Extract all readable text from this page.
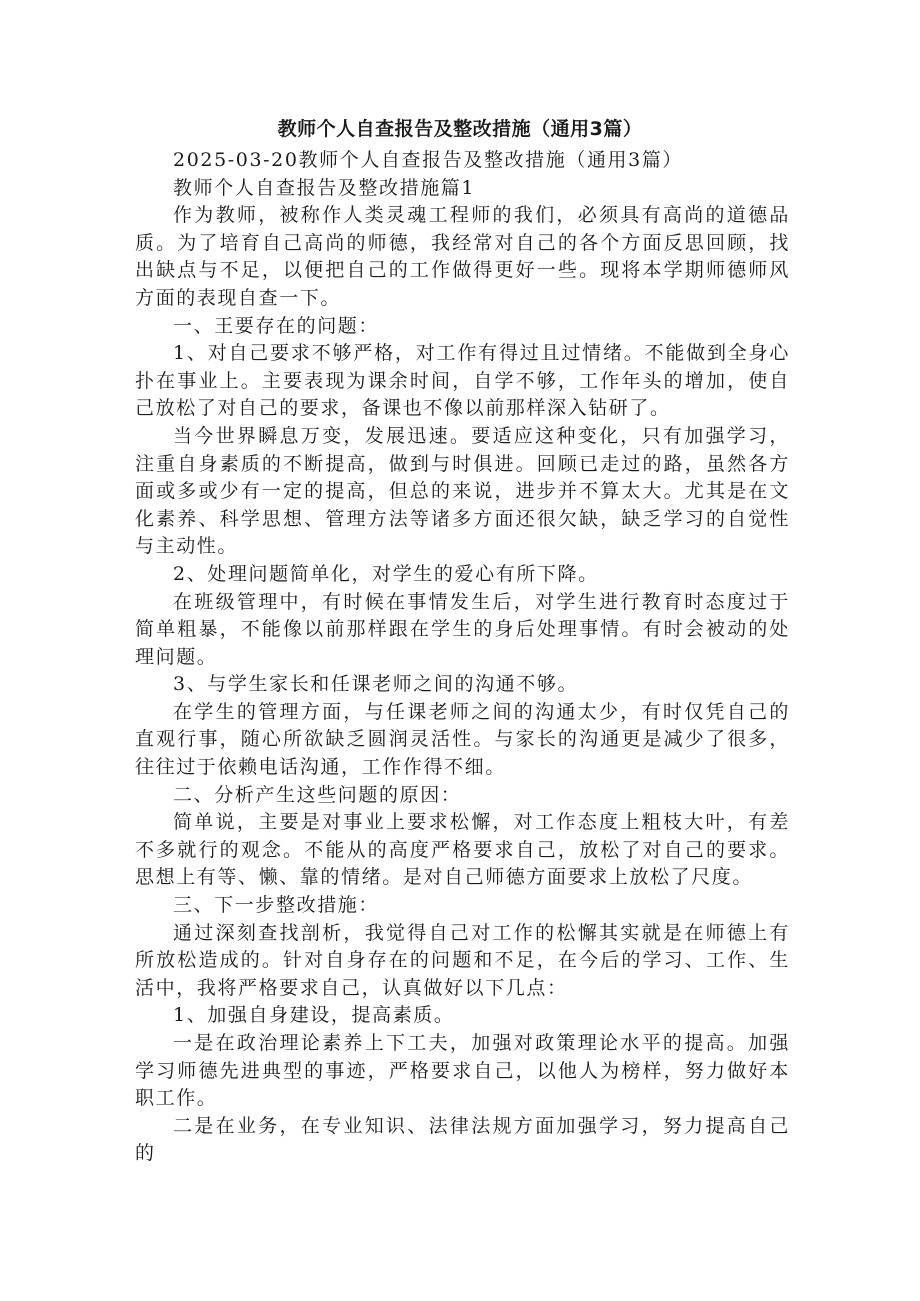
教师个人自查报告及整改措施（通用3篇）

2025-03-20教师个人自查报告及整改措施（通用3篇）

教师个人自查报告及整改措施篇1

作为教师，被称作人类灵魂工程师的我们，必须具有高尚的道德品质。为了培育自己高尚的师德，我经常对自己的各个方面反思回顾，找出缺点与不足，以便把自己的工作做得更好一些。现将本学期师德师风方面的表现自查一下。

一、王要存在的问题：

1、对自己要求不够严格，对工作有得过且过情绪。不能做到全身心扑在事业上。主要表现为课余时间，自学不够，工作年头的增加，使自己放松了对自己的要求，备课也不像以前那样深入钻研了。

当今世界瞬息万变，发展迅速。要适应这种变化，只有加强学习，注重自身素质的不断提高，做到与时俱进。回顾已走过的路，虽然各方面或多或少有一定的提高，但总的来说，进步并不算太大。尤其是在文化素养、科学思想、管理方法等诸多方面还很欠缺，缺乏学习的自觉性与主动性。

2、处理问题简单化，对学生的爱心有所下降。

在班级管理中，有时候在事情发生后，对学生进行教育时态度过于简单粗暴，不能像以前那样跟在学生的身后处理事情。有时会被动的处理问题。

3、与学生家长和任课老师之间的沟通不够。

在学生的管理方面，与任课老师之间的沟通太少，有时仅凭自己的直观行事，随心所欲缺乏圆润灵活性。与家长的沟通更是减少了很多，往往过于依赖电话沟通，工作作得不细。

二、分析产生这些问题的原因：

简单说，主要是对事业上要求松懈，对工作态度上粗枝大叶，有差不多就行的观念。不能从的高度严格要求自己，放松了对自己的要求。思想上有等、懒、靠的情绪。是对自己师德方面要求上放松了尺度。

三、下一步整改措施：

通过深刻查找剖析，我觉得自己对工作的松懈其实就是在师德上有所放松造成的。针对自身存在的问题和不足，在今后的学习、工作、生活中，我将严格要求自己，认真做好以下几点：

1、加强自身建设，提高素质。

一是在政治理论素养上下工夫，加强对政策理论水平的提高。加强学习师德先进典型的事迹，严格要求自己，以他人为榜样，努力做好本职工作。

二是在业务，在专业知识、法律法规方面加强学习，努力提高自己的
